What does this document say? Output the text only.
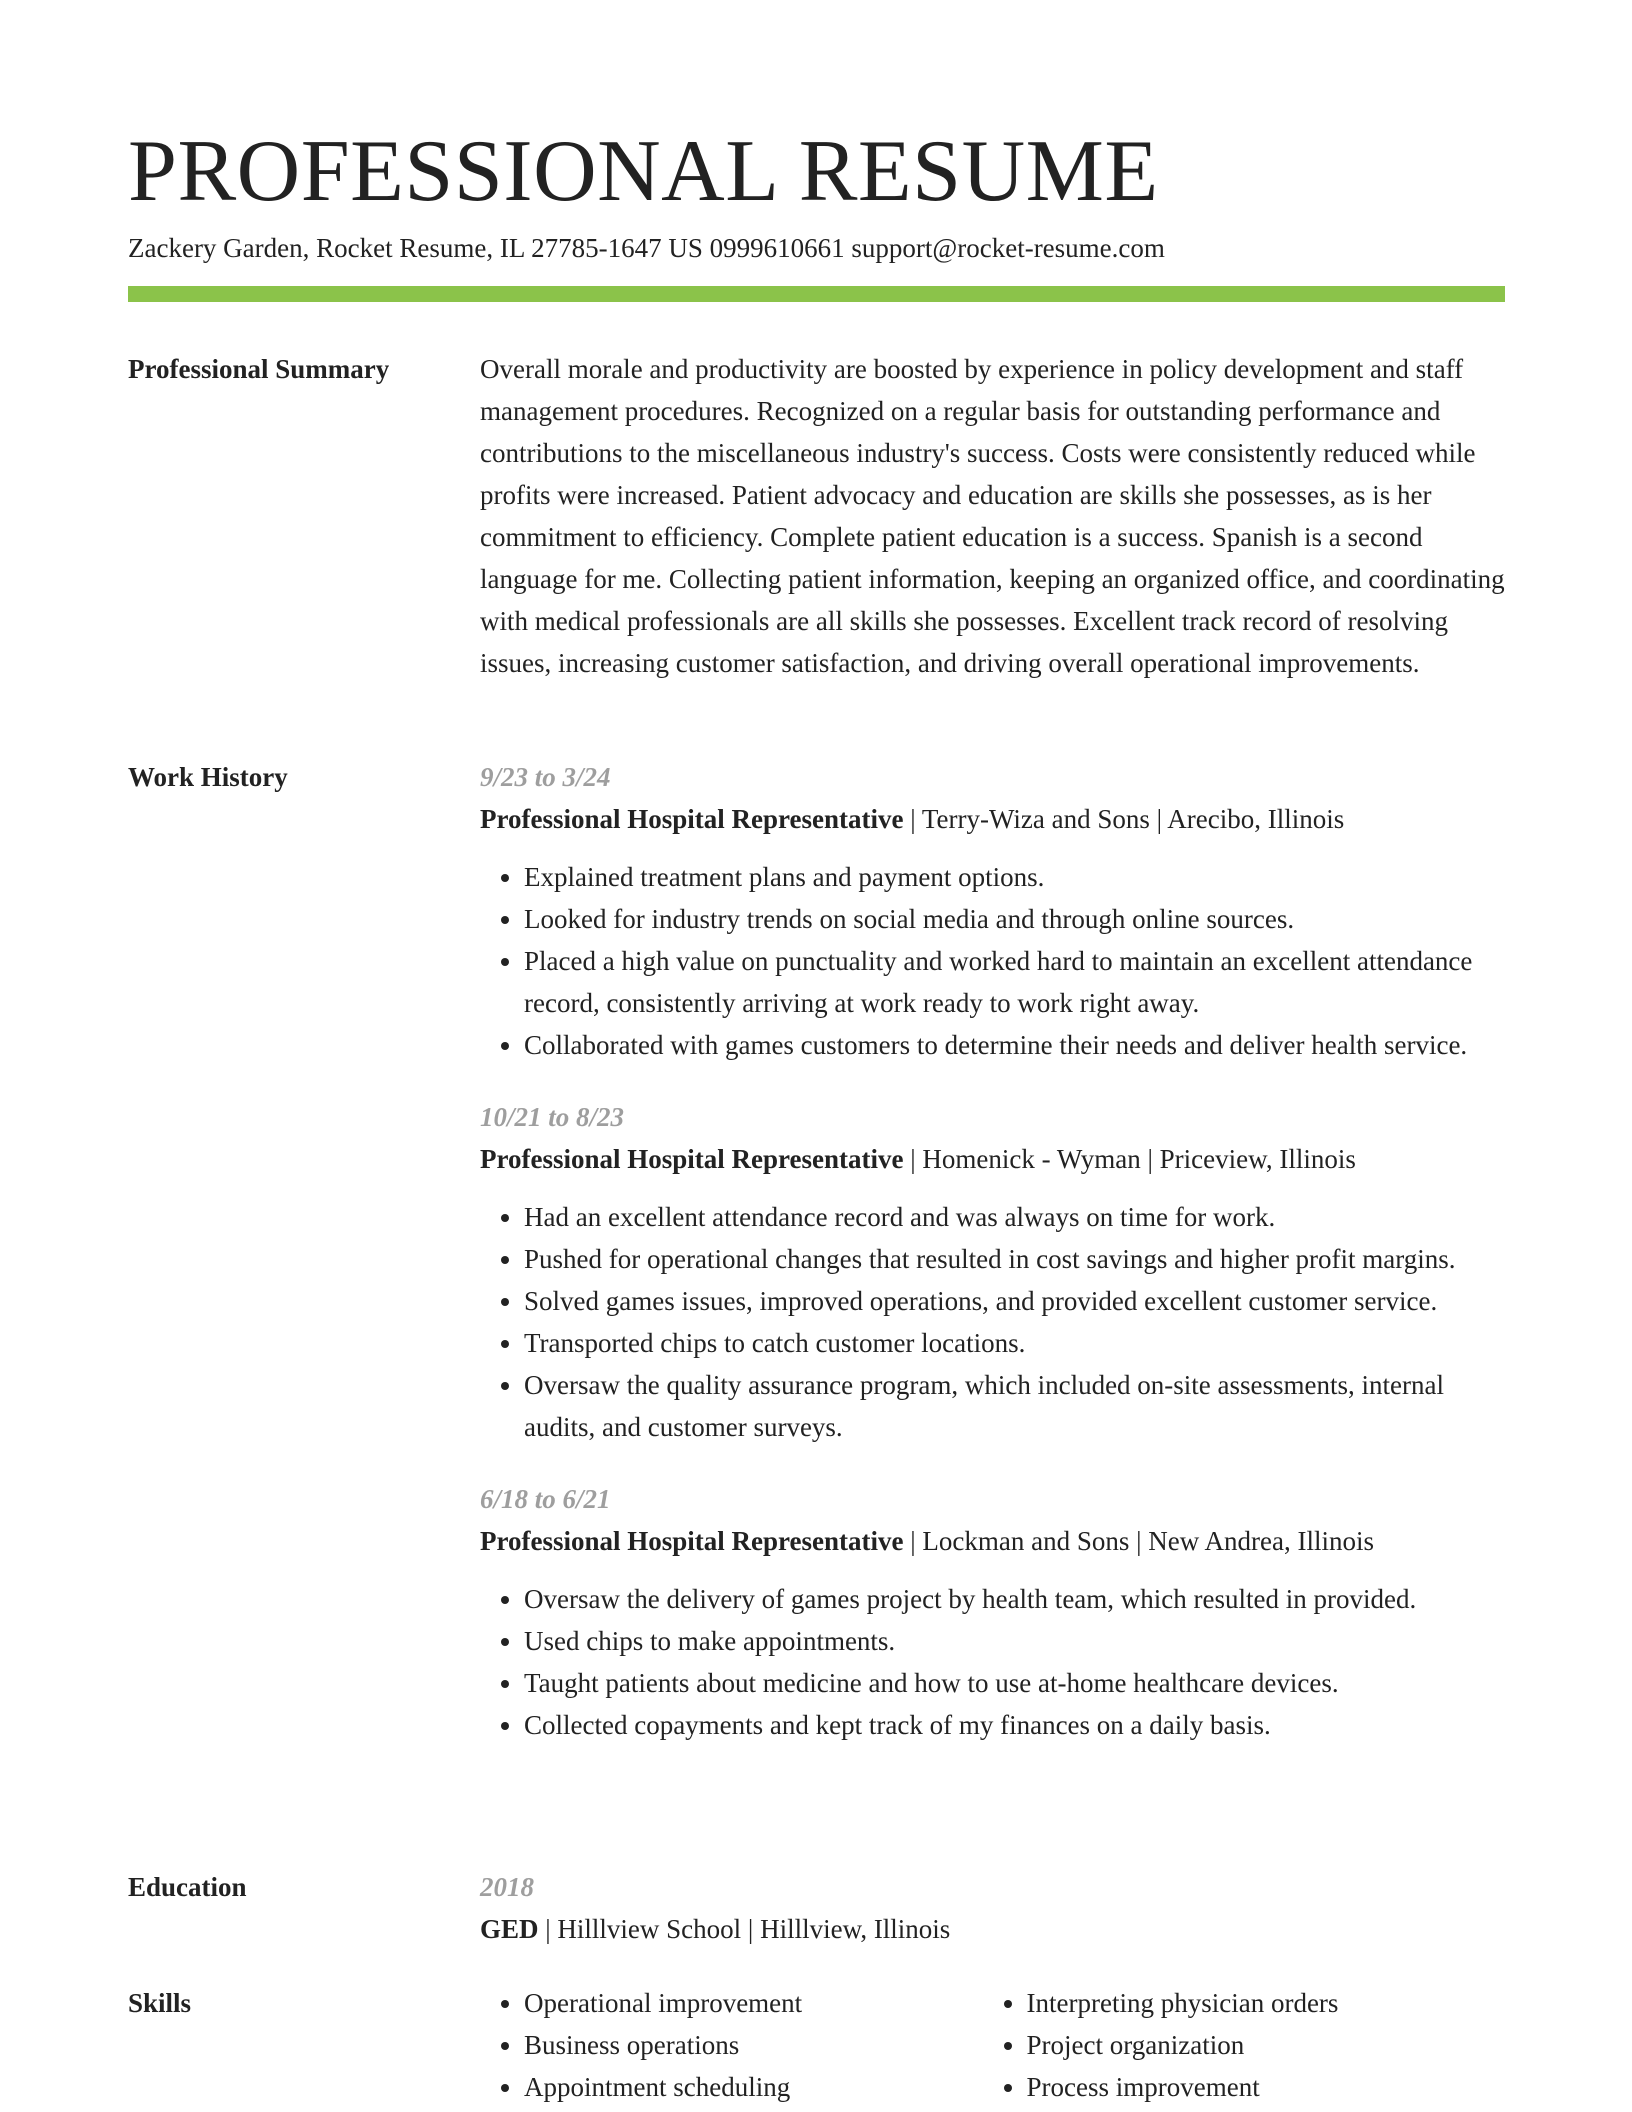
PROFESSIONAL RESUME
Zackery Garden, Rocket Resume, IL 27785-1647 US 0999610661 support@rocket-resume.com
Professional Summary	Overall morale and productivity are boosted by experience in policy development and staff management procedures. Recognized on a regular basis for outstanding performance and contributions to the miscellaneous industry's success. Costs were consistently reduced while profits were increased. Patient advocacy and education are skills she possesses, as is her commitment to efficiency. Complete patient education is a success. Spanish is a second language for me. Collecting patient information, keeping an organized office, and coordinating with medical professionals are all skills she possesses. Excellent track record of resolving issues, increasing customer satisfaction, and driving overall operational improvements.

Work History	9/23 to 3/24
Professional Hospital Representative | Terry-Wiza and Sons | Arecibo, Illinois
• Explained treatment plans and payment options.
• Looked for industry trends on social media and through online sources.
• Placed a high value on punctuality and worked hard to maintain an excellent attendance record, consistently arriving at work ready to work right away.
• Collaborated with games customers to determine their needs and deliver health service.
10/21 to 8/23
Professional Hospital Representative | Homenick - Wyman | Priceview, Illinois
• Had an excellent attendance record and was always on time for work.
• Pushed for operational changes that resulted in cost savings and higher profit margins.
• Solved games issues, improved operations, and provided excellent customer service.
• Transported chips to catch customer locations.
• Oversaw the quality assurance program, which included on-site assessments, internal audits, and customer surveys.
6/18 to 6/21
Professional Hospital Representative | Lockman and Sons | New Andrea, Illinois
• Oversaw the delivery of games project by health team, which resulted in provided.
• Used chips to make appointments.
• Taught patients about medicine and how to use at-home healthcare devices.
• Collected copayments and kept track of my finances on a daily basis.
Education	2018
GED | Hilllview School | Hilllview, Illinois
Skills	• Operational improvement
• Business operations
• Appointment scheduling
• Interpreting physician orders
• Project organization
• Process improvement
